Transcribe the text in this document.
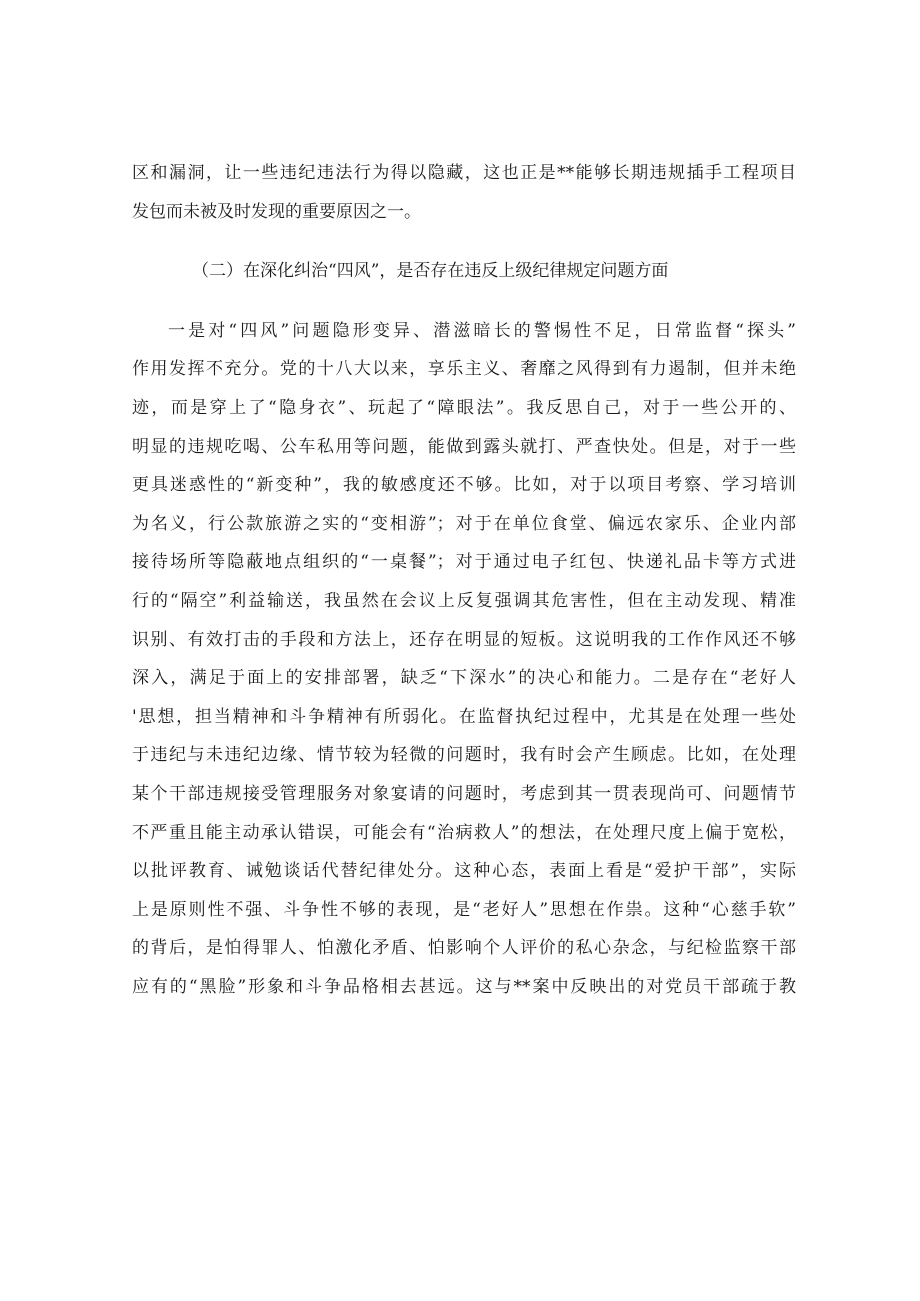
区和漏洞，让一些违纪违法行为得以隐藏，这也正是**能够长期违规插手工程项目
发包而未被及时发现的重要原因之一。
（二）在深化纠治“四风”，是否存在违反上级纪律规定问题方面
一是对“四风”问题隐形变异、潜滋暗长的警惕性不足，日常监督“探头”
作用发挥不充分。党的十八大以来，享乐主义、奢靡之风得到有力遏制，但并未绝
迹，而是穿上了“隐身衣”、玩起了“障眼法”。我反思自己，对于一些公开的、
明显的违规吃喝、公车私用等问题，能做到露头就打、严查快处。但是，对于一些
更具迷惑性的“新变种”，我的敏感度还不够。比如，对于以项目考察、学习培训
为名义，行公款旅游之实的“变相游”；对于在单位食堂、偏远农家乐、企业内部
接待场所等隐蔽地点组织的“一桌餐”；对于通过电子红包、快递礼品卡等方式进
行的“隔空”利益输送，我虽然在会议上反复强调其危害性，但在主动发现、精准
识别、有效打击的手段和方法上，还存在明显的短板。这说明我的工作作风还不够
深入，满足于面上的安排部署，缺乏“下深水”的决心和能力。二是存在“老好人
'思想，担当精神和斗争精神有所弱化。在监督执纪过程中，尤其是在处理一些处
于违纪与未违纪边缘、情节较为轻微的问题时，我有时会产生顾虑。比如，在处理
某个干部违规接受管理服务对象宴请的问题时，考虑到其一贯表现尚可、问题情节
不严重且能主动承认错误，可能会有“治病救人”的想法，在处理尺度上偏于宽松，
以批评教育、诫勉谈话代替纪律处分。这种心态，表面上看是“爱护干部”，实际
上是原则性不强、斗争性不够的表现，是“老好人”思想在作祟。这种“心慈手软”
的背后，是怕得罪人、怕激化矛盾、怕影响个人评价的私心杂念，与纪检监察干部
应有的“黑脸”形象和斗争品格相去甚远。这与**案中反映出的对党员干部疏于教
